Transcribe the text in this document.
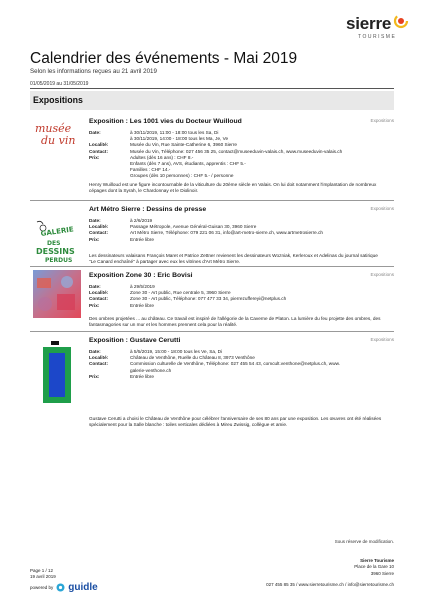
sierre
TOURISME
Calendrier des événements - Mai 2019
Selon les informations reçues au 21 avril 2019
01/05/2019 au 31/05/2019
Expositions
musée
du vin
Expositions
Exposition : Les 1001 vies du Docteur Wuilloud
Date:	à 30/11/2019, 11:00 - 18:00 tous les Sa, Di
à 30/11/2019, 14:00 - 18:00 tous les Ma, Je, Ve
Localité:	Musée du Vin, Rue Sainte-Catherine 6, 3960 Sierre
Contact:	Musée du Vin, Téléphone: 027 456 35 25, contact@museeduvin-valais.ch, www.museeduvin-valais.ch
Prix:	Adultes (dès 16 ans) : CHF 8.-
Enfants (dès 7 ans), AVS, étudiants, apprentis : CHF 5.-
Familles : CHF 14.-
Groupes (dès 10 personnes) : CHF 5.- / personne
Henry Wuilloud est une figure incontournable de la viticulture du 20ème siècle en Valais. On lui doit notamment l'implantation de nombreux cépages dont la Syrah, le Chardonnay et le Diolinoir.
GALERIE
DES
DESSINS
PERDUS
Expositions
Art Métro Sierre : Dessins de presse
Date:	à 2/6/2019
Localité:	Passage Métropole, Avenue Général-Guisan 30, 3960 Sierre
Contact:	Art Métro Sierre, Téléphone: 079 221 06 31, info@art-metro-sierre.ch, www.artmetrosierre.ch
Prix:	Entrée libre
Les dessinateurs valaisans François Maret et Patrice Zettner revienent les dessinateurs Wozniak, Kerleroux et Adelinas du journal satirique "Le Canard enchaîné" à partager avec eux les vitrines d'Art Métro Sierre.
Expositions
Exposition Zone 30 : Eric Bovisi
Date:	à 29/5/2019
Localité:	Zone 30 - Art public, Rue centrale 5, 3960 Sierre
Contact:	Zone 30 - Art public, Téléphone: 077 477 33 34, pierrezuffereyi@netplus.ch
Prix:	Entrée libre
Des ombres projetées ... au château. Ce travail est inspiré de l'allégorie de la Caverne de Platon. La lumière du feu projette des ombres, des fantasmagories sur un mur et les hommes prennent cela pour la réalité.
Expositions
Exposition : Gustave Cerutti
Date:	à 5/5/2019, 15:00 - 18:00 tous les Ve, Sa, Di
Localité:	Château de Venthône, Ruelle du Château 8, 3973 Venthône
Contact:	Commission culturelle de Venthône, Téléphone: 027 455 54 43, comcult.venthone@netplus.ch, www.
galerie-venthone.ch
Prix:	Entrée libre
Gustave Cerutti a choisi le Château de Venthône pour célébrer l'anniversaire de ses 80 ans par une exposition. Les œuvres ont été réalisées spécialement pour la Salle blanche : toiles verticales dédiées à Mireu Zwissig, collègue et amie.
Sous réserve de modification.
Sierre Tourisme
Place de la Gare 10
3960 Sierre
027 455 85 35 / www.sierretourisme.ch / info@sierretourisme.ch
Page 1 / 12
19 avril 2019
powered by guidle
